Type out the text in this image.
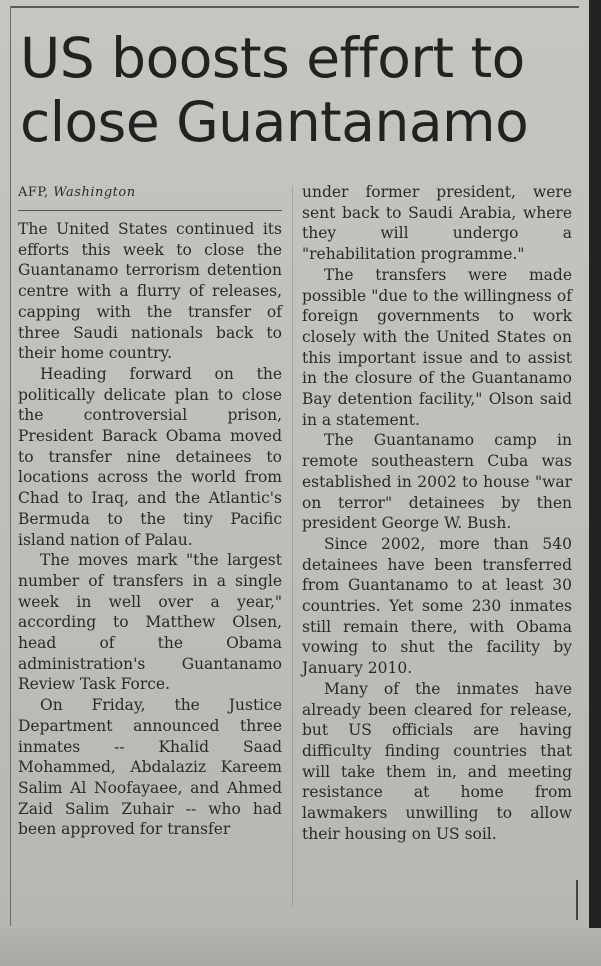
US boosts effort to close Guantanamo
AFP, Washington

The United States continued its efforts this week to close the Guantanamo terrorism detention centre with a flurry of releases, capping with the transfer of three Saudi nationals back to their home country.

Heading forward on the politically delicate plan to close the controversial prison, President Barack Obama moved to transfer nine detainees to locations across the world from Chad to Iraq, and the Atlantic's Bermuda to the tiny Pacific island nation of Palau.

The moves mark "the largest number of transfers in a single week in well over a year," according to Matthew Olsen, head of the Obama administration's Guantanamo Review Task Force.

On Friday, the Justice Department announced three inmates -- Khalid Saad Mohammed, Abdalaziz Kareem Salim Al Noofayaee, and Ahmed Zaid Salim Zuhair -- who had been approved for transfer

under former president, were sent back to Saudi Arabia, where they will undergo a "rehabilitation programme."

The transfers were made possible "due to the willingness of foreign governments to work closely with the United States on this important issue and to assist in the closure of the Guantanamo Bay detention facility," Olson said in a statement.

The Guantanamo camp in remote southeastern Cuba was established in 2002 to house "war on terror" detainees by then president George W. Bush.

Since 2002, more than 540 detainees have been transferred from Guantanamo to at least 30 countries. Yet some 230 inmates still remain there, with Obama vowing to shut the facility by January 2010.

Many of the inmates have already been cleared for release, but US officials are having difficulty finding countries that will take them in, and meeting resistance at home from lawmakers unwilling to allow their housing on US soil.
